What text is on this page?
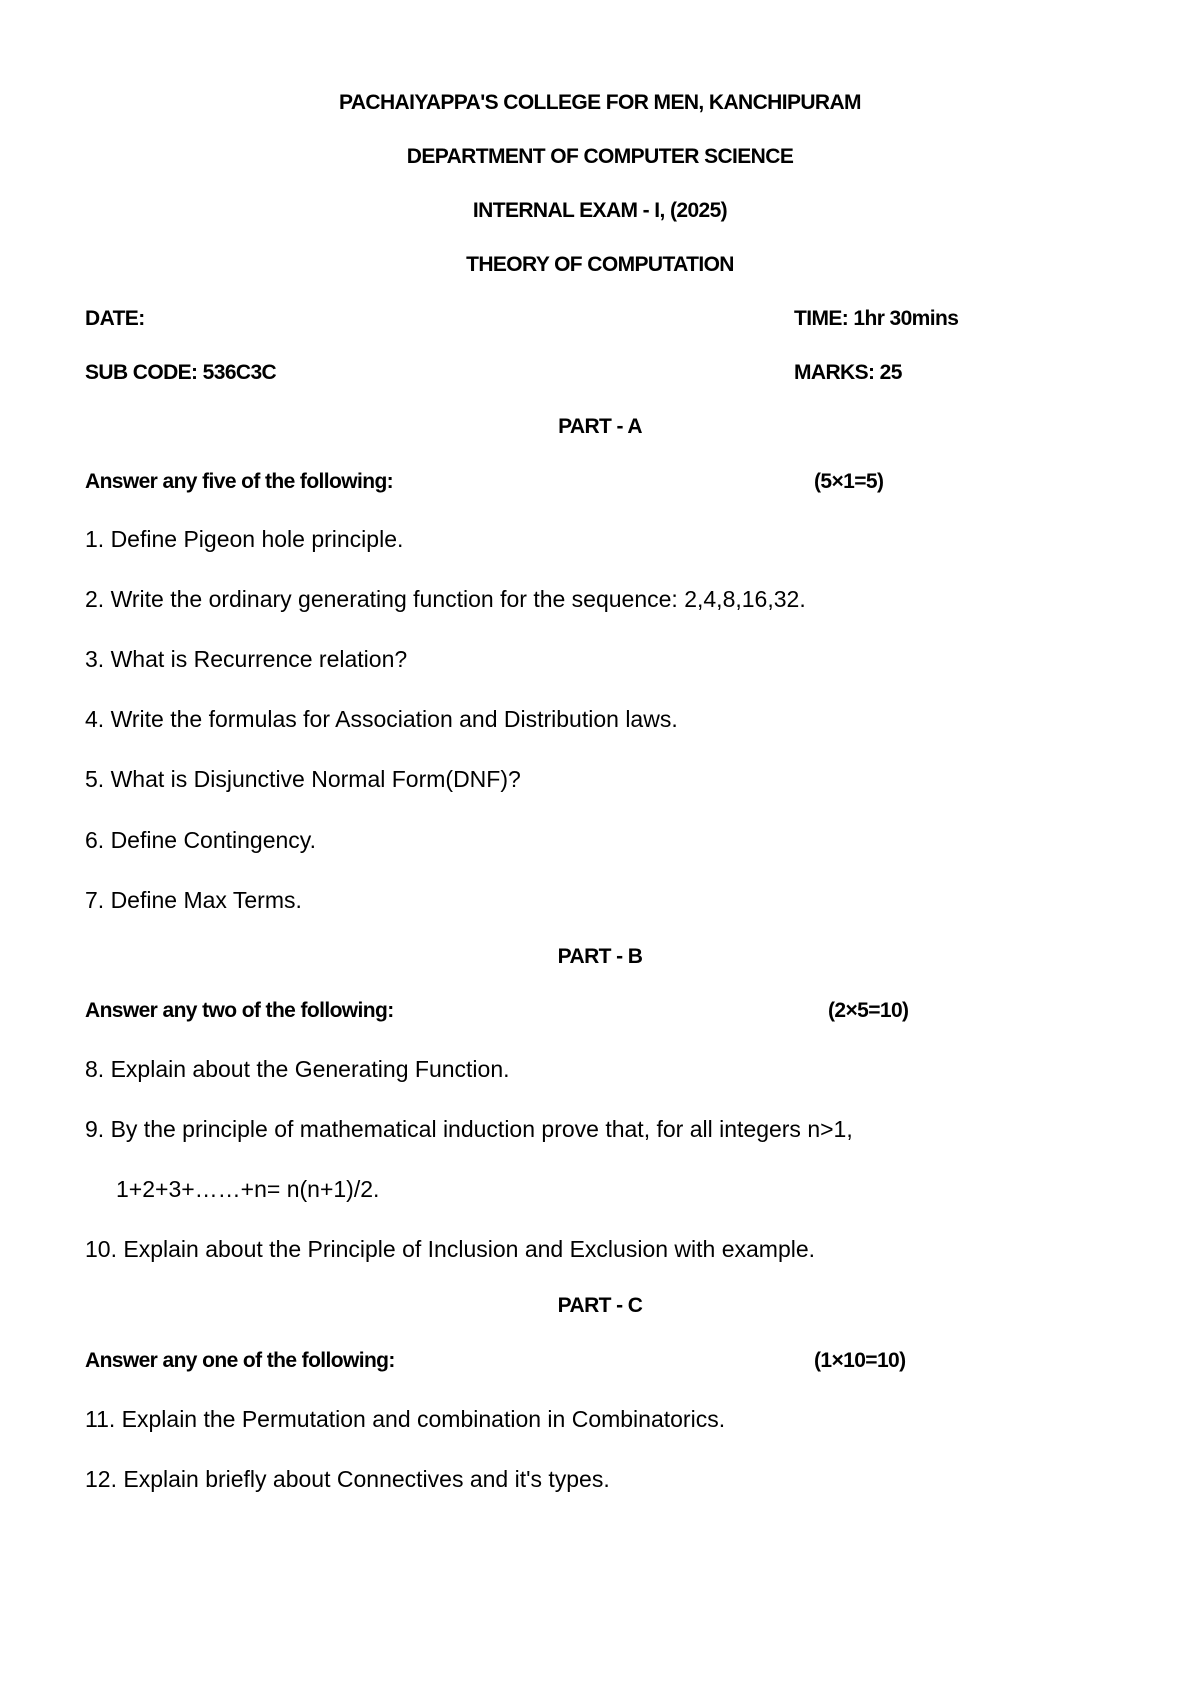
PACHAIYAPPA'S COLLEGE FOR MEN, KANCHIPURAM
DEPARTMENT OF COMPUTER SCIENCE
INTERNAL EXAM - I, (2025)
THEORY OF COMPUTATION
DATE:	TIME: 1hr 30mins
SUB CODE: 536C3C	MARKS: 25
PART - A
Answer any five of the following:	(5×1=5)
1. Define Pigeon hole principle.
2. Write the ordinary generating function for the sequence: 2,4,8,16,32.
3. What is Recurrence relation?
4. Write the formulas for Association and Distribution laws.
5. What is Disjunctive Normal Form(DNF)?
6. Define Contingency.
7. Define Max Terms.
PART - B
Answer any two of the following:	(2×5=10)
8. Explain about the Generating Function.
9. By the principle of mathematical induction prove that, for all integers n>1,
1+2+3+……+n= n(n+1)/2.
10. Explain about the Principle of Inclusion and Exclusion with example.
PART - C
Answer any one of the following:	(1×10=10)
11. Explain the Permutation and combination in Combinatorics.
12. Explain briefly about Connectives and it's types.
